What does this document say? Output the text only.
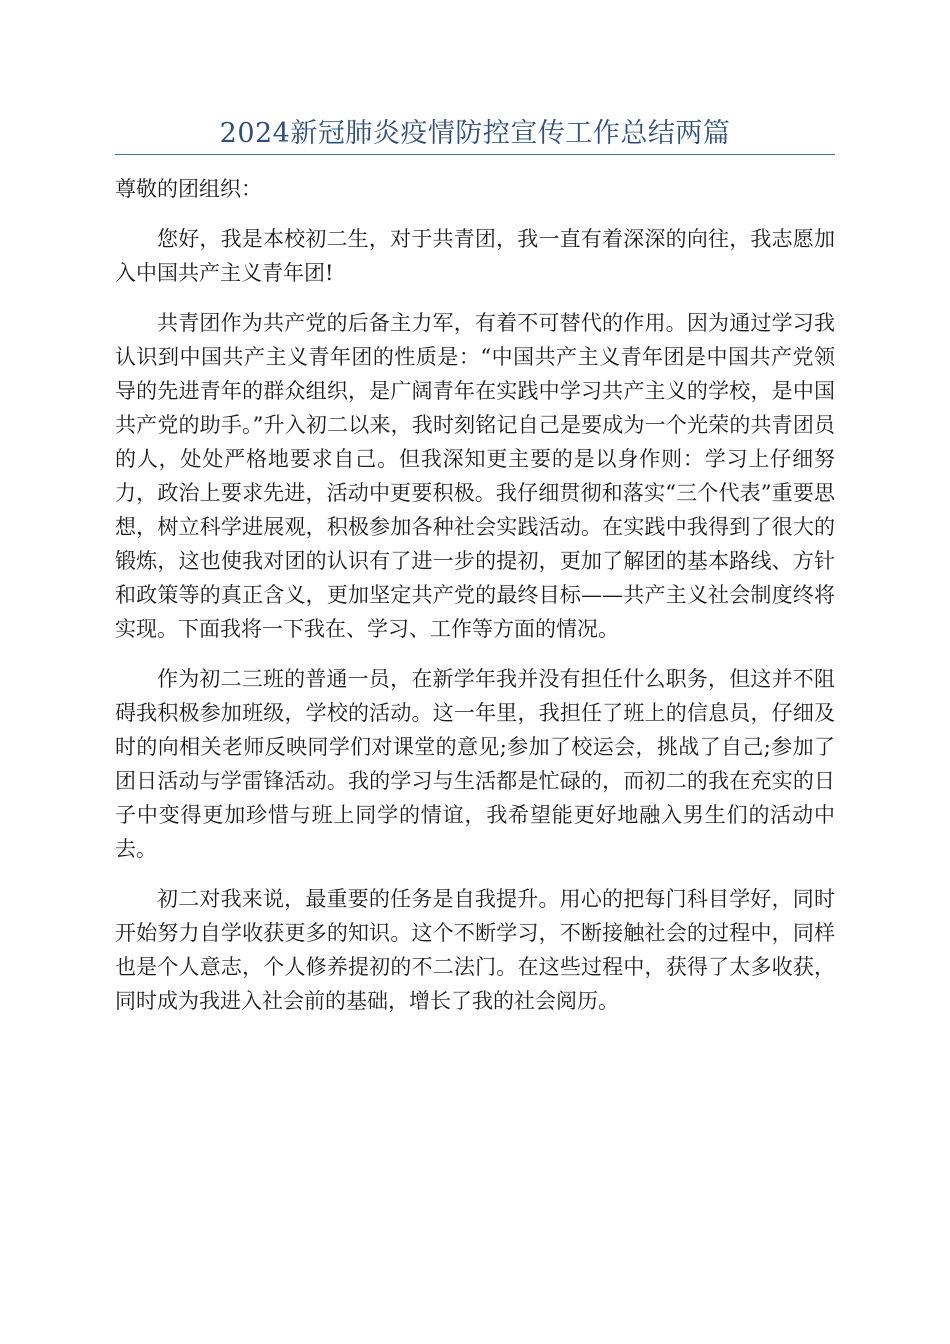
2024新冠肺炎疫情防控宣传工作总结两篇

尊敬的团组织：

您好，我是本校初二生，对于共青团，我一直有着深深的向往，我志愿加入中国共产主义青年团!

共青团作为共产党的后备主力军，有着不可替代的作用。因为通过学习我认识到中国共产主义青年团的性质是：“中国共产主义青年团是中国共产党领导的先进青年的群众组织，是广阔青年在实践中学习共产主义的学校，是中国共产党的助手。”升入初二以来，我时刻铭记自己是要成为一个光荣的共青团员的人，处处严格地要求自己。但我深知更主要的是以身作则：学习上仔细努力，政治上要求先进，活动中更要积极。我仔细贯彻和落实“三个代表”重要思想，树立科学进展观，积极参加各种社会实践活动。在实践中我得到了很大的锻炼，这也使我对团的认识有了进一步的提初，更加了解团的基本路线、方针和政策等的真正含义，更加坚定共产党的最终目标——共产主义社会制度终将实现。下面我将一下我在、学习、工作等方面的情况。

作为初二三班的普通一员，在新学年我并没有担任什么职务，但这并不阻碍我积极参加班级，学校的活动。这一年里，我担任了班上的信息员，仔细及时的向相关老师反映同学们对课堂的意见;参加了校运会，挑战了自己;参加了团日活动与学雷锋活动。我的学习与生活都是忙碌的，而初二的我在充实的日子中变得更加珍惜与班上同学的情谊，我希望能更好地融入男生们的活动中去。

初二对我来说，最重要的任务是自我提升。用心的把每门科目学好，同时开始努力自学收获更多的知识。这个不断学习，不断接触社会的过程中，同样也是个人意志，个人修养提初的不二法门。在这些过程中，获得了太多收获，同时成为我进入社会前的基础，增长了我的社会阅历。
